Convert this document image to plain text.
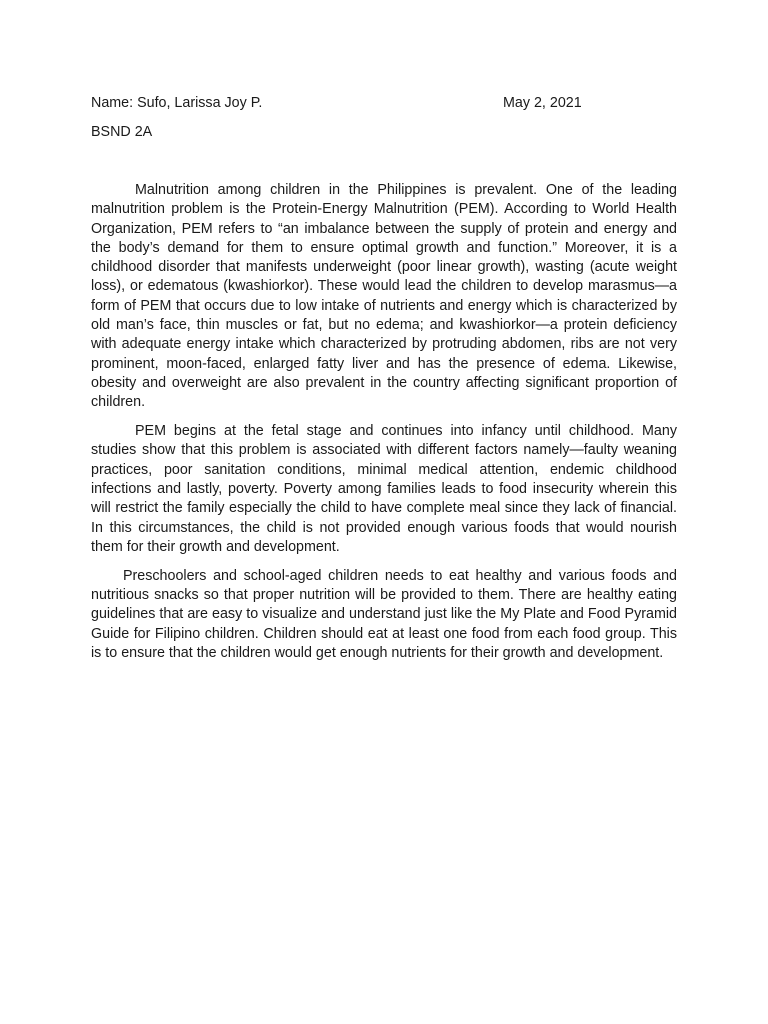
Name: Sufo, Larissa Joy P.	May 2, 2021
BSND 2A

Malnutrition among children in the Philippines is prevalent. One of the leading malnutrition problem is the Protein-Energy Malnutrition (PEM). According to World Health Organization, PEM refers to “an imbalance between the supply of protein and energy and the body’s demand for them to ensure optimal growth and function.” Moreover, it is a childhood disorder that manifests underweight (poor linear growth), wasting (acute weight loss), or edematous (kwashiorkor). These would lead the children to develop marasmus—a form of PEM that occurs due to low intake of nutrients and energy which is characterized by old man’s face, thin muscles or fat, but no edema; and kwashiorkor—a protein deficiency with adequate energy intake which characterized by protruding abdomen, ribs are not very prominent, moon-faced, enlarged fatty liver and has the presence of edema. Likewise, obesity and overweight are also prevalent in the country affecting significant proportion of children.

PEM begins at the fetal stage and continues into infancy until childhood. Many studies show that this problem is associated with different factors namely—faulty weaning practices, poor sanitation conditions, minimal medical attention, endemic childhood infections and lastly, poverty. Poverty among families leads to food insecurity wherein this will restrict the family especially the child to have complete meal since they lack of financial. In this circumstances, the child is not provided enough various foods that would nourish them for their growth and development.

Preschoolers and school-aged children needs to eat healthy and various foods and nutritious snacks so that proper nutrition will be provided to them. There are healthy eating guidelines that are easy to visualize and understand just like the My Plate and Food Pyramid Guide for Filipino children. Children should eat at least one food from each food group. This is to ensure that the children would get enough nutrients for their growth and development.
